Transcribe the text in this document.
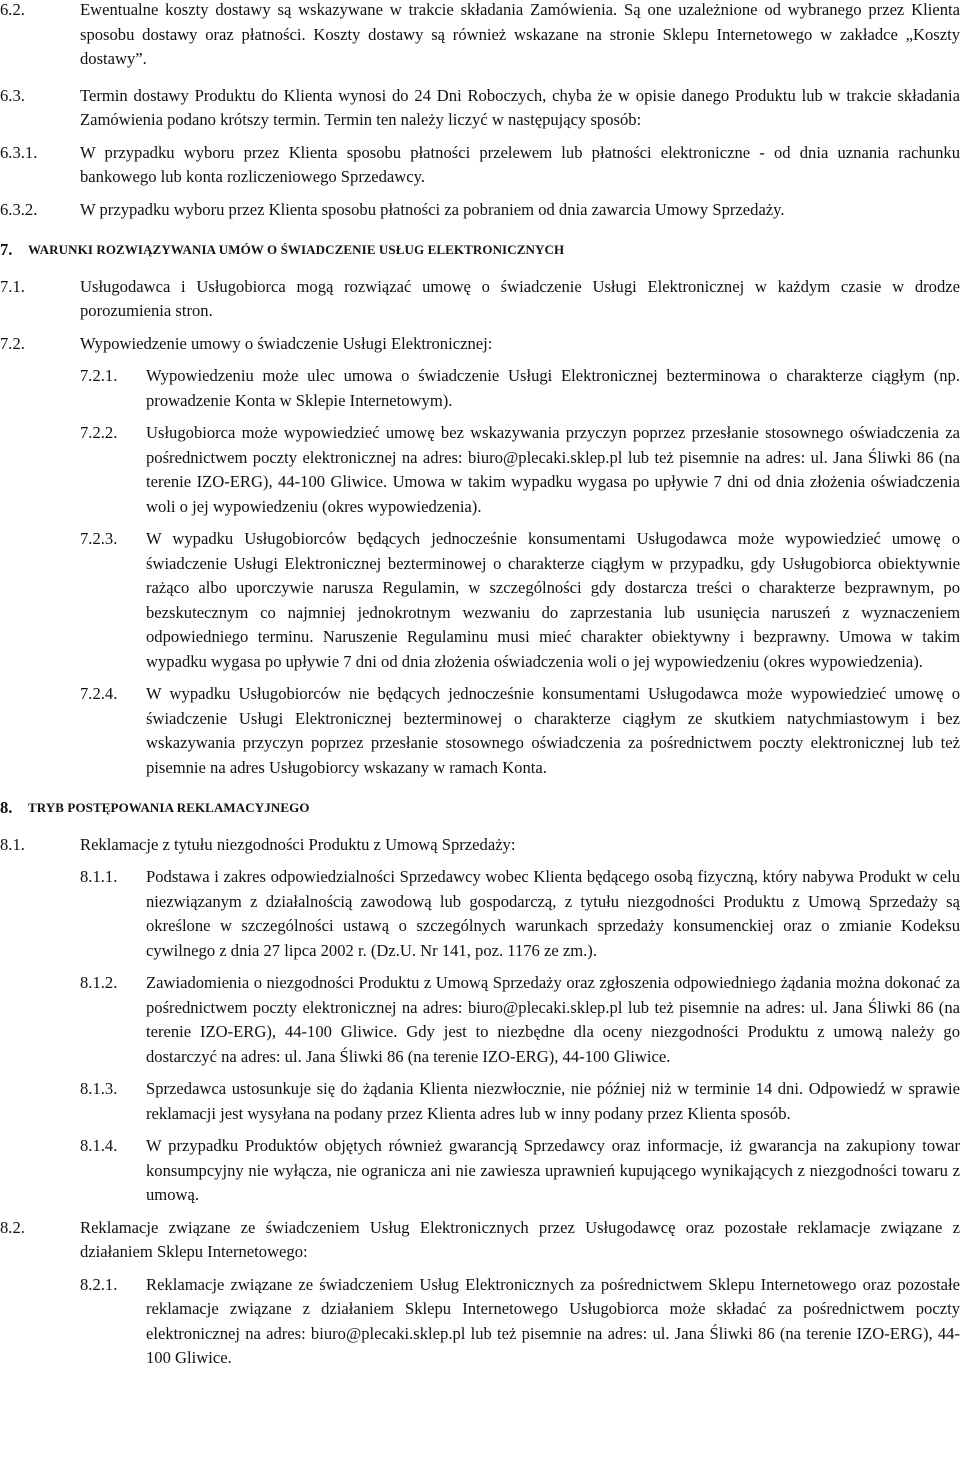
6.2.	Ewentualne koszty dostawy są wskazywane w trakcie składania Zamówienia. Są one uzależnione od wybranego przez Klienta sposobu dostawy oraz płatności. Koszty dostawy są również wskazane na stronie Sklepu Internetowego w zakładce „Koszty dostawy”.
6.3.	Termin dostawy Produktu do Klienta wynosi do 24 Dni Roboczych, chyba że w opisie danego Produktu lub w trakcie składania Zamówienia podano krótszy termin. Termin ten należy liczyć w następujący sposób:
6.3.1.	W przypadku wyboru przez Klienta sposobu płatności przelewem lub płatności elektroniczne - od dnia uznania rachunku bankowego lub konta rozliczeniowego Sprzedawcy.
6.3.2.	W przypadku wyboru przez Klienta sposobu płatności za pobraniem od dnia zawarcia Umowy Sprzedaży.
7.	WARUNKI ROZWIĄZYWANIA UMÓW O ŚWIADCZENIE USŁUG ELEKTRONICZNYCH
7.1.	Usługodawca i Usługobiorca mogą rozwiązać umowę o świadczenie Usługi Elektronicznej w każdym czasie w drodze porozumienia stron.
7.2.	Wypowiedzenie umowy o świadczenie Usługi Elektronicznej:
7.2.1.	Wypowiedzeniu może ulec umowa o świadczenie Usługi Elektronicznej bezterminowa o charakterze ciągłym (np. prowadzenie Konta w Sklepie Internetowym).
7.2.2.	Usługobiorca może wypowiedzieć umowę bez wskazywania przyczyn poprzez przesłanie stosownego oświadczenia za pośrednictwem poczty elektronicznej na adres: biuro@plecaki.sklep.pl lub też pisemnie na adres: ul. Jana Śliwki 86 (na terenie IZO-ERG), 44-100 Gliwice. Umowa w takim wypadku wygasa po upływie 7 dni od dnia złożenia oświadczenia woli o jej wypowiedzeniu (okres wypowiedzenia).
7.2.3.	W wypadku Usługobiorców będących jednocześnie konsumentami Usługodawca może wypowiedzieć umowę o świadczenie Usługi Elektronicznej bezterminowej o charakterze ciągłym w przypadku, gdy Usługobiorca obiektywnie rażąco albo uporczywie narusza Regulamin, w szczególności gdy dostarcza treści o charakterze bezprawnym, po bezskutecznym co najmniej jednokrotnym wezwaniu do zaprzestania lub usunięcia naruszeń z wyznaczeniem odpowiedniego terminu. Naruszenie Regulaminu musi mieć charakter obiektywny i bezprawny. Umowa w takim wypadku wygasa po upływie 7 dni od dnia złożenia oświadczenia woli o jej wypowiedzeniu (okres wypowiedzenia).
7.2.4.	W wypadku Usługobiorców nie będących jednocześnie konsumentami Usługodawca może wypowiedzieć umowę o świadczenie Usługi Elektronicznej bezterminowej o charakterze ciągłym ze skutkiem natychmiastowym i bez wskazywania przyczyn poprzez przesłanie stosownego oświadczenia za pośrednictwem poczty elektronicznej lub też pisemnie na adres Usługobiorcy wskazany w ramach Konta.
8.	TRYB POSTĘPOWANIA REKLAMACYJNEGO
8.1.	Reklamacje z tytułu niezgodności Produktu z Umową Sprzedaży:
8.1.1.	Podstawa i zakres odpowiedzialności Sprzedawcy wobec Klienta będącego osobą fizyczną, który nabywa Produkt w celu niezwiązanym z działalnością zawodową lub gospodarczą, z tytułu niezgodności Produktu z Umową Sprzedaży są określone w szczególności ustawą o szczególnych warunkach sprzedaży konsumenckiej oraz o zmianie Kodeksu cywilnego z dnia 27 lipca 2002 r. (Dz.U. Nr 141, poz. 1176 ze zm.).
8.1.2.	Zawiadomienia o niezgodności Produktu z Umową Sprzedaży oraz zgłoszenia odpowiedniego żądania można dokonać za pośrednictwem poczty elektronicznej na adres: biuro@plecaki.sklep.pl lub też pisemnie na adres: ul. Jana Śliwki 86 (na terenie IZO-ERG), 44-100 Gliwice. Gdy jest to niezbędne dla oceny niezgodności Produktu z umową należy go dostarczyć na adres: ul. Jana Śliwki 86 (na terenie IZO-ERG), 44-100 Gliwice.
8.1.3.	Sprzedawca ustosunkuje się do żądania Klienta niezwłocznie, nie później niż w terminie 14 dni. Odpowiedź w sprawie reklamacji jest wysyłana na podany przez Klienta adres lub w inny podany przez Klienta sposób.
8.1.4.	W przypadku Produktów objętych również gwarancją Sprzedawcy oraz informacje, iż gwarancja na zakupiony towar konsumpcyjny nie wyłącza, nie ogranicza ani nie zawiesza uprawnień kupującego wynikających z niezgodności towaru z umową.
8.2.	Reklamacje związane ze świadczeniem Usług Elektronicznych przez Usługodawcę oraz pozostałe reklamacje związane z działaniem Sklepu Internetowego:
8.2.1.	Reklamacje związane ze świadczeniem Usług Elektronicznych za pośrednictwem Sklepu Internetowego oraz pozostałe reklamacje związane z działaniem Sklepu Internetowego Usługobiorca może składać za pośrednictwem poczty elektronicznej na adres: biuro@plecaki.sklep.pl lub też pisemnie na adres: ul. Jana Śliwki 86 (na terenie IZO-ERG), 44-100 Gliwice.
